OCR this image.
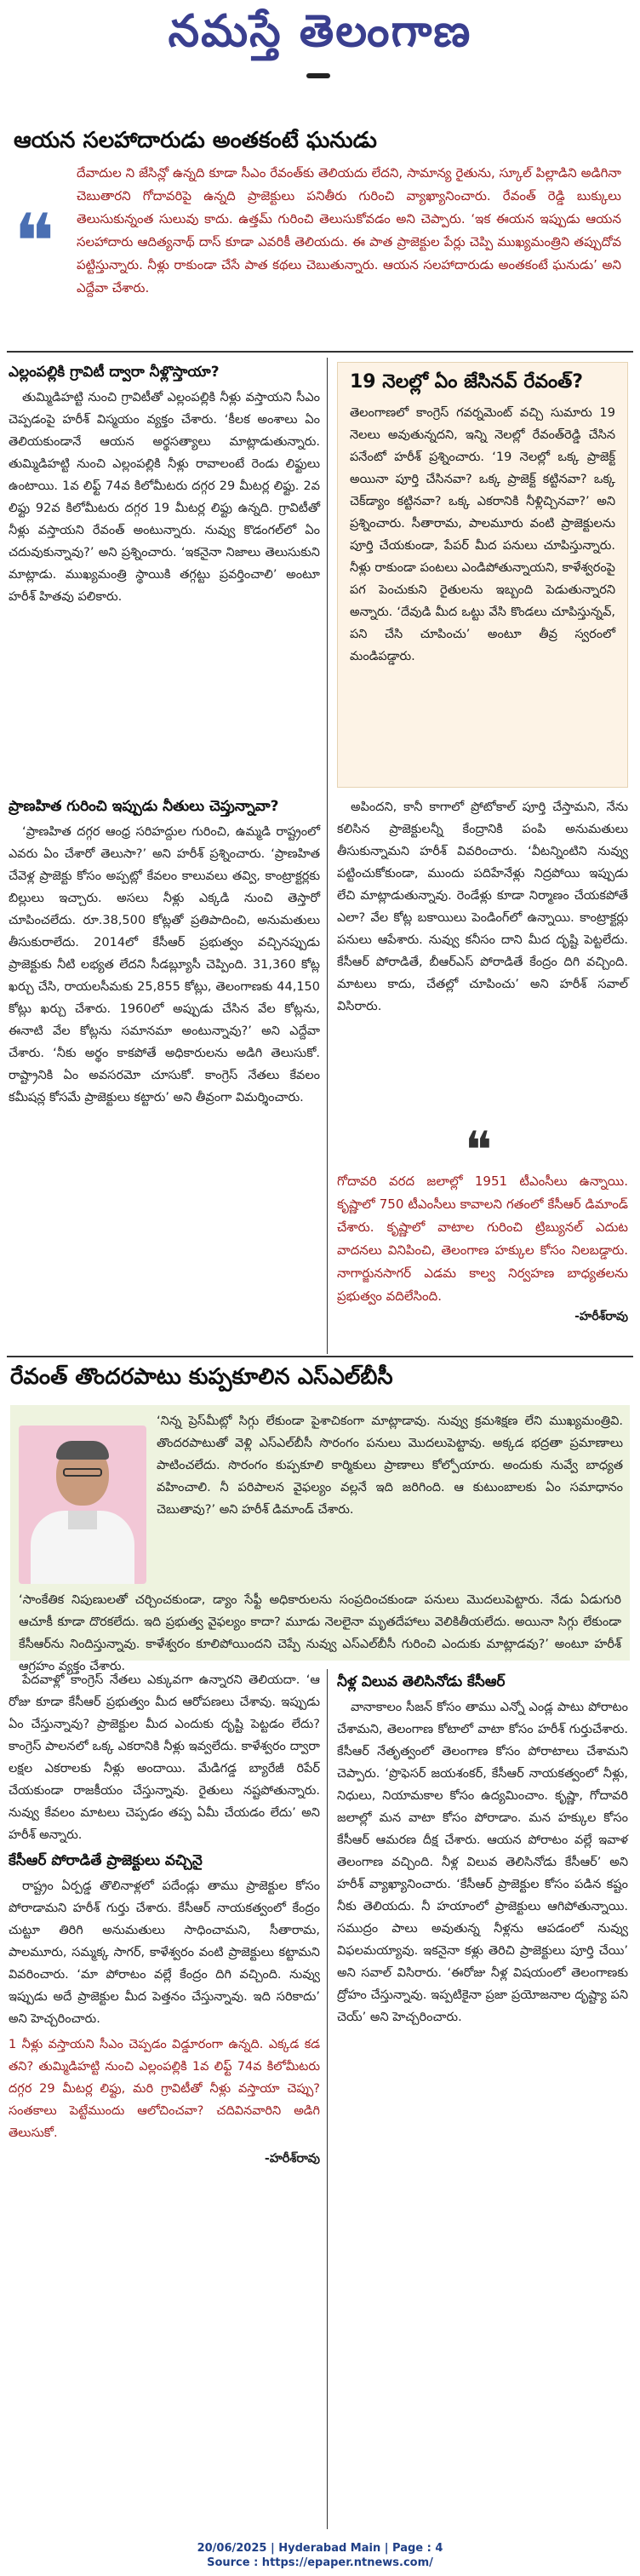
నమస్తే తెలంగాణ
ఆయన సలహాదారుడు అంతకంటే ఘనుడు
❝
దేవాదుల ని జేసిన్లో ఉన్న‌ది కూడా సీఎం రేవంత్‌కు తెలియదు లేదని, సామాన్య రైతును, స్కూల్ పిల్లాడిని అడిగినా చెబుతారని గోదావరిపై ఉన్న‌ది ప్రాజెక్టులు పనితీరు గురించి వ్యాఖ్యానించారు. రేవంత్ రెడ్డి బుక్కులు తెలుసుకున్నంత సులువు కాదు. ఉత్త‌మ్ గురించి తెలుసుకోవడం అని చెప్పారు. ‘ఇక ఈయన ఇప్పుడు ఆయన సలహాదారు ఆదిత్యనాథ్ దాస్ కూడా ఎవరికీ తెలియదు. ఈ పాత ప్రాజెక్టుల పేర్లు చెప్పి ముఖ్యమంత్రిని తప్పుదోవ పట్టిస్తున్నారు. నీళ్లు రాకుండా చేసే పాత కథలు చెబుతున్నారు. ఆయన సలహాదారుడు అంతకంటే ఘనుడు’ అని ఎద్దేవా చేశారు.
ఎల్లంపల్లికి గ్రావిటీ ద్వారా నీళ్లొస్తాయా?
తుమ్మిడిహట్టి నుంచి గ్రావిటీతో ఎల్లంపల్లికి నీళ్లు వస్తాయని సీఎం చెప్పడంపై హరీశ్ విస్మయం వ్యక్తం చేశారు. ‘కీలక అంశాలు ఏం తెలియకుండానే ఆయన అర్థసత్యాలు మాట్లాడుతున్నారు. తుమ్మిడిహట్టి నుంచి ఎల్లంపల్లికి నీళ్లు రావాలంటే రెండు లిఫ్టులు ఉంటాయి. 1వ లిఫ్ట్ 74వ కిలోమీటరు దగ్గర 29 మీటర్ల లిఫ్టు. 2వ లిఫ్టు 92వ కిలోమీటరు దగ్గర 19 మీటర్ల లిఫ్టు ఉన్నది. గ్రావిటీతో నీళ్లు వస్తాయని రేవంత్ అంటున్నారు. నువ్వు కొడంగల్‌లో ఏం చదువుకున్నావు?’ అని ప్రశ్నించారు. ‘ఇకనైనా నిజాలు తెలుసుకుని మాట్లాడు. ముఖ్యమంత్రి స్థాయికి తగ్గట్టు ప్రవర్తించాలి’ అంటూ హరీశ్ హితవు పలికారు.
19 నెలల్లో ఏం జేసినవ్ రేవంత్?
తెలంగాణలో కాంగ్రెస్ గవర్నమెంట్ వచ్చి సుమారు 19 నెలలు అవుతున్నదని, ఇన్ని నెలల్లో రేవంత్‌రెడ్డి చేసిన పనేంటో హరీశ్ ప్రశ్నించారు. ‘19 నెలల్లో ఒక్క ప్రాజెక్ట్ అయినా పూర్తి చేసినవా? ఒక్క ప్రాజెక్ట్ కట్టినవా? ఒక్క చెక్‌డ్యాం కట్టినవా? ఒక్క ఎకరానికి నీళ్లిచ్చినవా?’ అని ప్రశ్నించారు. సీతారామ, పాలమూరు వంటి ప్రాజెక్టులను పూర్తి చేయకుండా, పేపర్ మీద పనులు చూపిస్తున్నారు. నీళ్లు రాకుండా పంటలు ఎండిపోతున్నాయని, కాళేశ్వరంపై పగ పెంచుకుని రైతులను ఇబ్బంది పెడుతున్నారని అన్నారు. ‘దేవుడి మీద ఒట్టు వేసి కొండలు చూపిస్తున్నవ్, పని చేసి చూపించు’ అంటూ తీవ్ర స్వరంలో మండిపడ్డారు.
ప్రాణహిత గురించి ఇప్పుడు నీతులు చెప్తున్నావా?
‘ప్రాణహిత దగ్గర ఆంధ్ర సరిహద్దుల గురించి, ఉమ్మడి రాష్ట్రంలో ఎవరు ఏం చేశారో తెలుసా?’ అని హరీశ్ ప్రశ్నించారు. ‘ప్రాణహిత చేవెళ్ల ప్రాజెక్టు కోసం అప్పట్లో కేవలం కాలువలు తవ్వి, కాంట్రాక్టర్లకు బిల్లులు ఇచ్చారు. అసలు నీళ్లు ఎక్కడి నుంచి తెస్తారో చూపించలేదు. రూ.38,500 కోట్లతో ప్రతిపాదించి, అనుమతులు తీసుకురాలేదు. 2014లో కేసీఆర్ ప్రభుత్వం వచ్చినప్పుడు ప్రాజెక్టుకు నీటి లభ్యత లేదని సీడబ్ల్యూసీ చెప్పింది. 31,360 కోట్ల ఖర్చు చేసి, రాయలసీమకు 25,855 కోట్లు, తెలంగాణకు 44,150 కోట్లు ఖర్చు చేశారు. 1960లో అప్పుడు చేసిన వేల కోట్లను, ఈనాటి వేల కోట్లను సమానమా అంటున్నావు?’ అని ఎద్దేవా చేశారు. ‘నీకు అర్థం కాకపోతే అధికారులను అడిగి తెలుసుకో. రాష్ట్రానికి ఏం అవసరమో చూసుకో. కాంగ్రెస్ నేతలు కేవలం కమీషన్ల కోసమే ప్రాజెక్టులు కట్టారు’ అని తీవ్రంగా విమర్శించారు.
అపిందని, కానీ కాగాలో ప్రోటోకాల్ పూర్తి చేస్తామని, నేను కలిసిన ప్రాజెక్టులన్నీ కేంద్రానికి పంపి అనుమతులు తీసుకున్నామని హరీశ్ వివరించారు. ‘వీటన్నింటిని నువ్వు పట్టించుకోకుండా, ముందు పదిహేనేళ్లు నిద్రపోయి ఇప్పుడు లేచి మాట్లాడుతున్నావు. రెండేళ్లు కూడా నిర్మాణం చేయకపోతే ఎలా? వేల కోట్ల బకాయిలు పెండింగ్‌లో ఉన్నాయి. కాంట్రాక్టర్లు పనులు ఆపేశారు. నువ్వు కనీసం దాని మీద దృష్టి పెట్టలేదు. కేసీఆర్ పోరాడితే, బీఆర్ఎస్ పోరాడితే కేంద్రం దిగి వచ్చింది. మాటలు కాదు, చేతల్లో చూపించు’ అని హరీశ్ సవాల్ విసిరారు.
❝
గోదావరి వరద జలాల్లో 1951 టీఎంసీలు ఉన్నాయి. కృష్ణాలో 750 టీఎంసీలు కావాలని గతంలో కేసీఆర్ డిమాండ్ చేశారు. కృష్ణాలో వాటాల గురించి ట్రిబ్యునల్ ఎదుట వాదనలు వినిపించి, తెలంగాణ హక్కుల కోసం నిలబడ్డారు. నాగార్జునసాగర్ ఎడమ కాల్వ నిర్వహణ బాధ్యతలను ప్రభుత్వం వదిలేసింది.
-హరీశ్‌రావు
రేవంత్ తొందరపాటు కుప్పకూలిన ఎస్ఎల్‌బీసీ
‘నిన్న ప్రెస్‌మీట్లో సిగ్గు లేకుండా పైశాచికంగా మాట్లాడావు. నువ్వు క్రమశిక్షణ లేని ముఖ్యమంత్రివి. తొందరపాటుతో వెళ్లి ఎస్ఎల్‌బీసీ సొరంగం పనులు మొదలుపెట్టావు. అక్కడ భద్రతా ప్రమాణాలు పాటించలేదు. సొరంగం కుప్పకూలి కార్మికులు ప్రాణాలు కోల్పోయారు. అందుకు నువ్వే బాధ్యత వహించాలి. నీ పరిపాలన వైఫల్యం వల్లనే ఇది జరిగింది. ఆ కుటుంబాలకు ఏం సమాధానం చెబుతావు?’ అని హరీశ్ డిమాండ్ చేశారు.
‘సాంకేతిక నిపుణులతో చర్చించకుండా, డ్యాం సేఫ్టీ అధికారులను సంప్రదించకుండా పనులు మొదలుపెట్టారు. నేడు ఏడుగురి ఆచూకీ కూడా దొరకలేదు. ఇది ప్రభుత్వ వైఫల్యం కాదా? మూడు నెలలైనా మృతదేహాలు వెలికితీయలేదు. అయినా సిగ్గు లేకుండా కేసీఆర్‌ను నిందిస్తున్నావు. కాళేశ్వరం కూలిపోయిందని చెప్పే నువ్వు ఎస్ఎల్‌బీసీ గురించి ఎందుకు మాట్లాడవు?’ అంటూ హరీశ్ ఆగ్రహం వ్యక్తం చేశారు.
పేదవాళ్లో కాంగ్రెస్ నేతలు ఎక్కువగా ఉన్నారని తెలియదా. ‘ఆ రోజు కూడా కేసీఆర్ ప్రభుత్వం మీద ఆరోపణలు చేశావు. ఇప్పుడు ఏం చేస్తున్నావు? ప్రాజెక్టుల మీద ఎందుకు దృష్టి పెట్టడం లేదు? కాంగ్రెస్ పాలనలో ఒక్క ఎకరానికి నీళ్లు ఇవ్వలేదు. కాళేశ్వరం ద్వారా లక్షల ఎకరాలకు నీళ్లు అందాయి. మేడిగడ్డ బ్యారేజీ రిపేర్ చేయకుండా రాజకీయం చేస్తున్నావు. రైతులు నష్టపోతున్నారు. నువ్వు కేవలం మాటలు చెప్పడం తప్ప ఏమీ చేయడం లేదు’ అని హరీశ్ అన్నారు.
కేసీఆర్ పోరాడితే ప్రాజెక్టులు వచ్చినై
రాష్ట్రం ఏర్పడ్డ తొలినాళ్లలో పదేండ్లు తాము ప్రాజెక్టుల కోసం పోరాడామని హరీశ్ గుర్తు చేశారు. కేసీఆర్ నాయకత్వంలో కేంద్రం చుట్టూ తిరిగి అనుమతులు సాధించామని, సీతారామ, పాలమూరు, సమ్మక్క సాగర్, కాళేశ్వరం వంటి ప్రాజెక్టులు కట్టామని వివరించారు. ‘మా పోరాటం వల్లే కేంద్రం దిగి వచ్చింది. నువ్వు ఇప్పుడు అదే ప్రాజెక్టుల మీద పెత్తనం చేస్తున్నావు. ఇది సరికాదు’ అని హెచ్చరించారు.
1 నీళ్లు వస్తాయని సీఎం చెప్పడం విడ్డూరంగా ఉన్నది. ఎక్కడ కడ తని? తుమ్మిడిహట్టి నుంచి ఎల్లంపల్లికి 1వ లిఫ్ట్ 74వ కిలోమీటరు దగ్గర 29 మీటర్ల లిఫ్టు, మరి గ్రావిటీతో నీళ్లు వస్తాయా చెప్పు? సంతకాలు పెట్టేముందు ఆలోచించవా? చదివినవారిని అడిగి తెలుసుకో.
-హరీశ్‌రావు
నీళ్ల విలువ తెలిసినోడు కేసీఆర్
వానాకాలం సీజన్ కోసం తాము ఎన్నో ఎండ్ల పాటు పోరాటం చేశామని, తెలంగాణ కోటాలో వాటా కోసం హరీశ్ గుర్తుచేశారు. కేసీఆర్ నేతృత్వంలో తెలంగాణ కోసం పోరాటాలు చేశామని చెప్పారు. ‘ప్రొఫెసర్ జయశంకర్, కేసీఆర్ నాయకత్వంలో నీళ్లు, నిధులు, నియామకాల కోసం ఉద్యమించాం. కృష్ణా, గోదావరి జలాల్లో మన వాటా కోసం పోరాడాం. మన హక్కుల కోసం కేసీఆర్ ఆమరణ దీక్ష చేశారు. ఆయన పోరాటం వల్లే ఇవాళ తెలంగాణ వచ్చింది. నీళ్ల విలువ తెలిసినోడు కేసీఆర్’ అని హరీశ్ వ్యాఖ్యానించారు. ‘కేసీఆర్ ప్రాజెక్టుల కోసం పడిన కష్టం నీకు తెలియదు. నీ హయాంలో ప్రాజెక్టులు ఆగిపోతున్నాయి. సముద్రం పాలు అవుతున్న నీళ్లను ఆపడంలో నువ్వు విఫలమయ్యావు. ఇకనైనా కళ్లు తెరిచి ప్రాజెక్టులు పూర్తి చేయి’ అని సవాల్ విసిరారు. ‘ఈరోజు నీళ్ల విషయంలో తెలంగాణకు ద్రోహం చేస్తున్నావు. ఇప్పటికైనా ప్రజా ప్రయోజనాల దృష్ట్యా పని చెయ్’ అని హెచ్చరించారు.
20/06/2025 | Hyderabad Main | Page : 4
Source : https://epaper.ntnews.com/
